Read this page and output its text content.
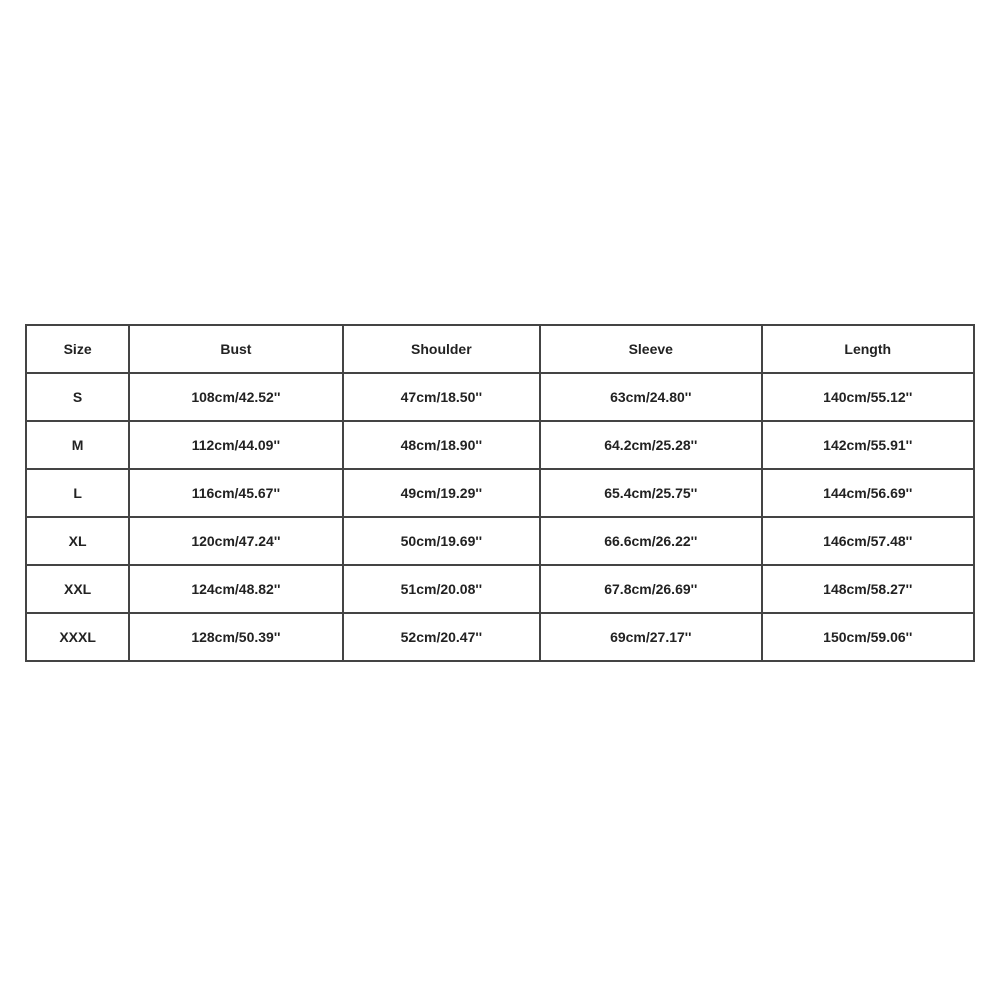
Size	Bust	Shoulder	Sleeve	Length
S	108cm/42.52''	47cm/18.50''	63cm/24.80''	140cm/55.12''
M	112cm/44.09''	48cm/18.90''	64.2cm/25.28''	142cm/55.91''
L	116cm/45.67''	49cm/19.29''	65.4cm/25.75''	144cm/56.69''
XL	120cm/47.24''	50cm/19.69''	66.6cm/26.22''	146cm/57.48''
XXL	124cm/48.82''	51cm/20.08''	67.8cm/26.69''	148cm/58.27''
XXXL	128cm/50.39''	52cm/20.47''	69cm/27.17''	150cm/59.06''
